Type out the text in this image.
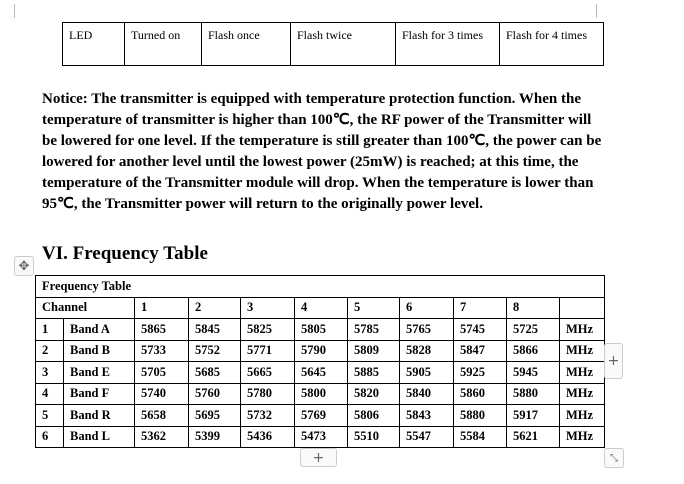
LED	Turned on	Flash once	Flash twice	Flash for 3 times	Flash for 4 times
Notice: The transmitter is equipped with temperature protection function. When the temperature of transmitter is higher than 100℃, the RF power of the Transmitter will be lowered for one level. If the temperature is still greater than 100℃, the power can be lowered for another level until the lowest power (25mW) is reached; at this time, the temperature of the Transmitter module will drop. When the temperature is lower than 95℃, the Transmitter power will return to the originally power level.
VI. Frequency Table
✥
Frequency Table										
Channel		1	2	3	4	5	6	7	8	
1	Band A	5865	5845	5825	5805	5785	5765	5745	5725	MHz
2	Band B	5733	5752	5771	5790	5809	5828	5847	5866	MHz
3	Band E	5705	5685	5665	5645	5885	5905	5925	5945	MHz
4	Band F	5740	5760	5780	5800	5820	5840	5860	5880	MHz
5	Band R	5658	5695	5732	5769	5806	5843	5880	5917	MHz
6	Band L	5362	5399	5436	5473	5510	5547	5584	5621	MHz
+
+	⤡
